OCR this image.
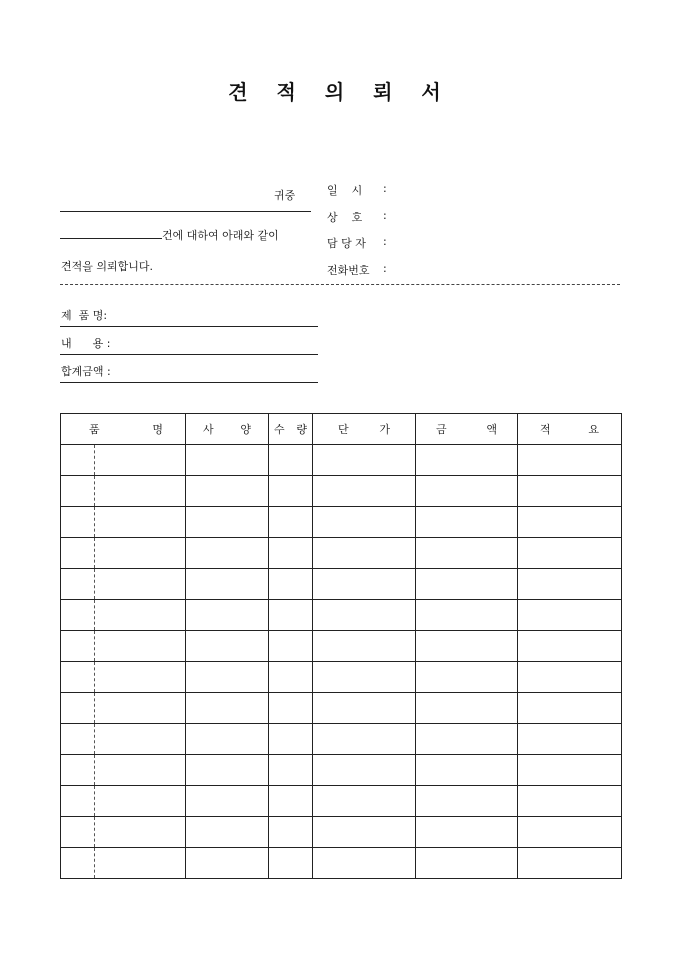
견 적 의 뢰 서
귀중
건에 대하여 아래와 같이
견적을 의뢰합니다.
일    시 :
상    호 :
담 당 자 :
전화번호 :
제  품 명:
내      용 :
합계금액 :
품 명	사 양	수 량	단 가	금 액	적 요
